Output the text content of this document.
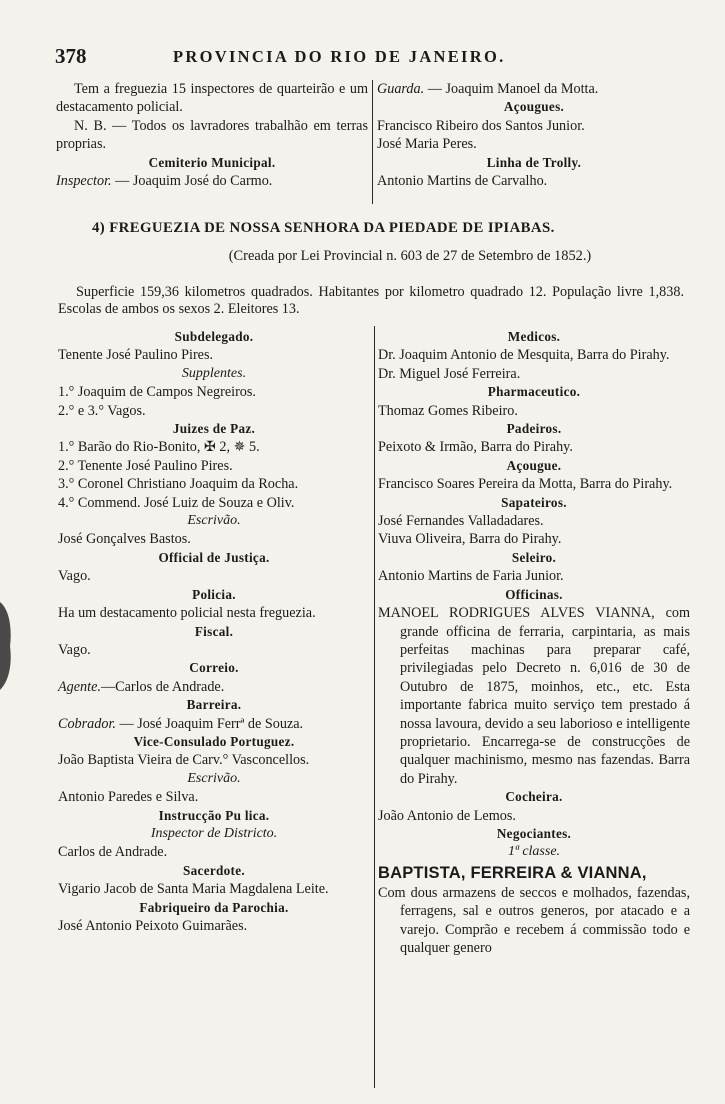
378	PROVINCIA DO RIO DE JANEIRO.

Tem a freguezia 15 inspectores de quarteirão e um destacamento policial.

N. B. — Todos os lavradores trabalhão em terras proprias.

Cemiterio Municipal.

Inspector. — Joaquim José do Carmo.

Guarda. — Joaquim Manoel da Motta.

Açougues.

Francisco Ribeiro dos Santos Junior.

José Maria Peres.

Linha de Trolly.

Antonio Martins de Carvalho.

4) FREGUEZIA DE NOSSA SENHORA DA PIEDADE DE IPIABAS.
(Creada por Lei Provincial n. 603 de 27 de Setembro de 1852.)

Superficie 159,36 kilometros quadrados. Habitantes por kilometro quadrado 12. População livre 1,838. Escolas de ambos os sexos 2. Eleitores 13.

Subdelegado.

Tenente José Paulino Pires.

Supplentes.

1.° Joaquim de Campos Negreiros.

2.° e 3.° Vagos.

Juizes de Paz.

1.° Barão do Rio-Bonito, ✠ 2, ✵ 5.

2.° Tenente José Paulino Pires.

3.° Coronel Christiano Joaquim da Rocha.

4.° Commend. José Luiz de Souza e Oliv.

Escrivão.

José Gonçalves Bastos.

Official de Justiça.

Vago.

Policia.

Ha um destacamento policial nesta freguezia.

Fiscal.

Vago.

Correio.

Agente.—Carlos de Andrade.

Barreira.

Cobrador. — José Joaquim Ferrª de Souza.

Vice-Consulado Portuguez.

João Baptista Vieira de Carv.° Vasconcellos.

Escrivão.

Antonio Paredes e Silva.

Instrucção Pu lica.

Inspector de Districto.

Carlos de Andrade.

Sacerdote.

Vigario Jacob de Santa Maria Magdalena Leite.

Fabriqueiro da Parochia.

José Antonio Peixoto Guimarães.

Medicos.

Dr. Joaquim Antonio de Mesquita, Barra do Pirahy.

Dr. Miguel José Ferreira.

Pharmaceutico.

Thomaz Gomes Ribeiro.

Padeiros.

Peixoto & Irmão, Barra do Pirahy.

Açougue.

Francisco Soares Pereira da Motta, Barra do Pirahy.

Sapateiros.

José Fernandes Valladadares.

Viuva Oliveira, Barra do Pirahy.

Seleiro.

Antonio Martins de Faria Junior.

Officinas.

MANOEL RODRIGUES ALVES VIANNA, com grande officina de ferraria, carpintaria, as mais perfeitas machinas para preparar café, privilegiadas pelo Decreto n. 6,016 de 30 de Outubro de 1875, moinhos, etc., etc. Esta importante fabrica muito serviço tem prestado á nossa lavoura, devido a seu laborioso e intelligente proprietario. Encarrega-se de construcções de qualquer machinismo, mesmo nas fazendas. Barra do Pirahy.

Cocheira.

João Antonio de Lemos.

Negociantes.

1ª classe.

BAPTISTA, FERREIRA & VIANNA,

Com dous armazens de seccos e molhados, fazendas, ferragens, sal e outros generos, por atacado e a varejo. Comprão e recebem á commissão todo e qualquer genero
